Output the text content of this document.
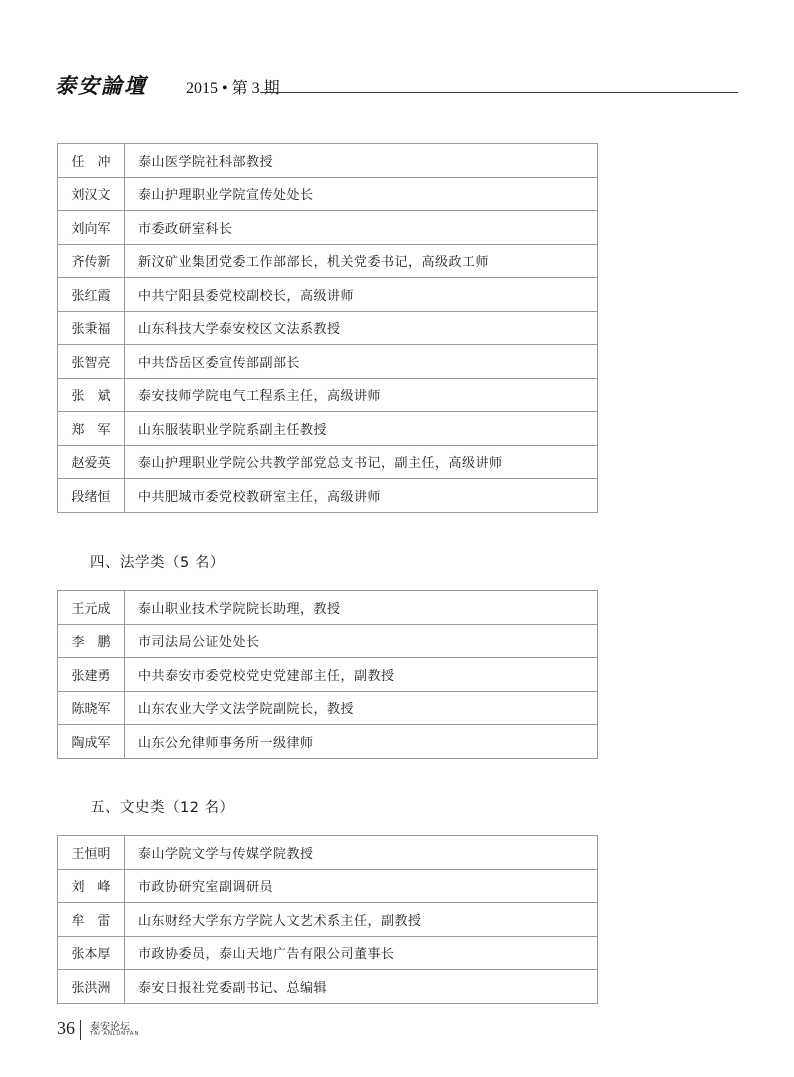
泰安論壇 2015 • 第 3 期
任　冲	泰山医学院社科部教授
刘汉文	泰山护理职业学院宣传处处长
刘向军	市委政研室科长
齐传新	新汶矿业集团党委工作部部长，机关党委书记，高级政工师
张红霞	中共宁阳县委党校副校长，高级讲师
张秉福	山东科技大学泰安校区文法系教授
张智亮	中共岱岳区委宣传部副部长
张　斌	泰安技师学院电气工程系主任，高级讲师
郑　军	山东服装职业学院系副主任教授
赵爱英	泰山护理职业学院公共教学部党总支书记，副主任，高级讲师
段绪恒	中共肥城市委党校教研室主任，高级讲师
四、法学类（5 名）
王元成	泰山职业技术学院院长助理，教授
李　鹏	市司法局公证处处长
张建勇	中共泰安市委党校党史党建部主任，副教授
陈晓军	山东农业大学文法学院副院长，教授
陶成军	山东公允律师事务所一级律师
五、文史类（12 名）
王恒明	泰山学院文学与传媒学院教授
刘　峰	市政协研究室副调研员
牟　雷	山东财经大学东方学院人文艺术系主任，副教授
张本厚	市政协委员，泰山天地广告有限公司董事长
张洪洲	泰安日报社党委副书记、总编辑
36 泰安论坛
TAI ANLUNTAN
